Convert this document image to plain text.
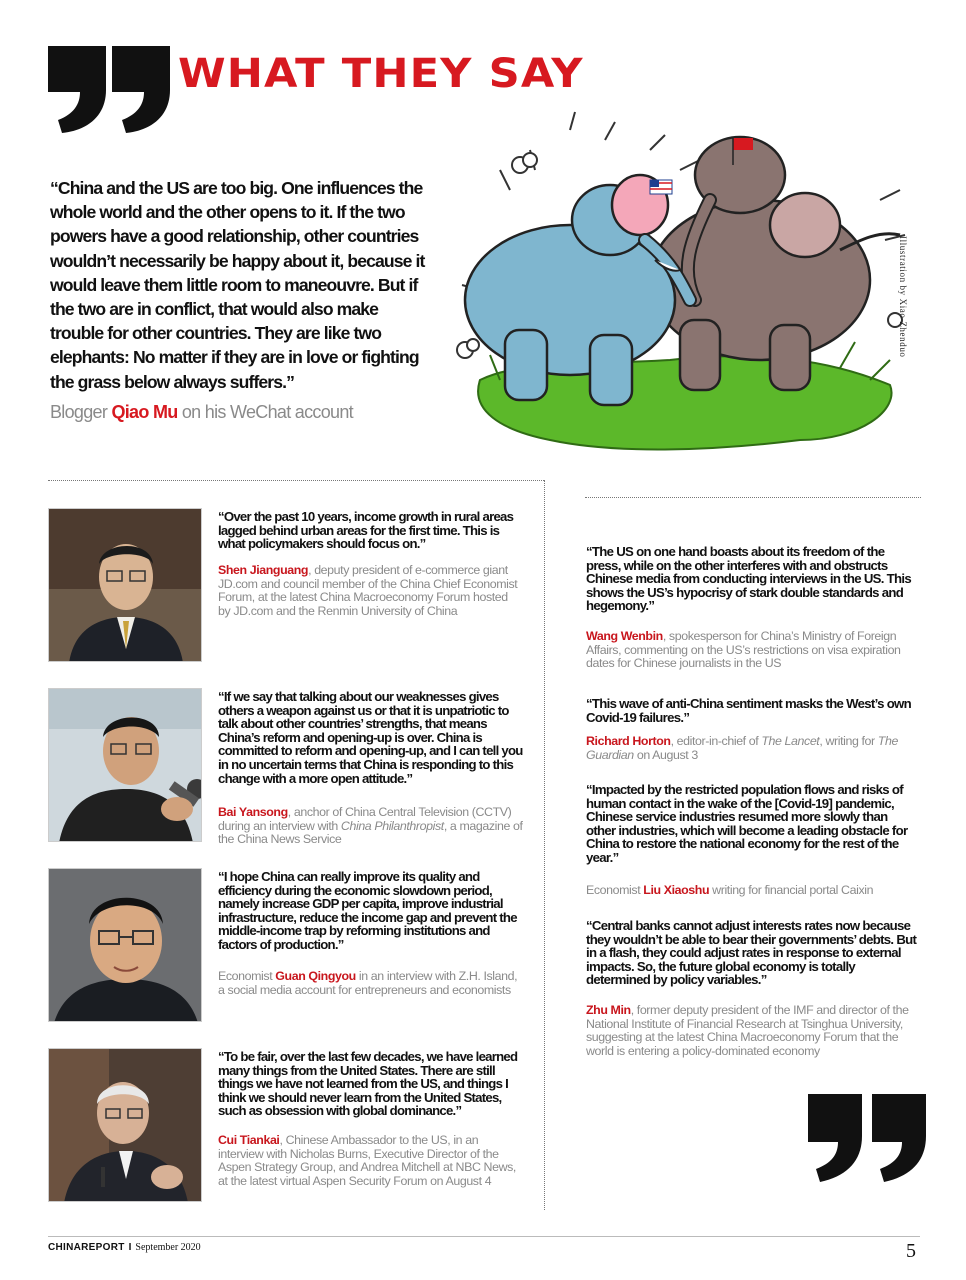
WHAT THEY SAY
“China and the US are too big. One influences the whole world and the other opens to it. If the two powers have a good relationship, other countries wouldn’t necessarily be happy about it, because it would leave them little room to maneouvre. But if the two are in conflict, that would also make trouble for other countries. They are like two elephants: No matter if they are in love or fighting the grass below always suffers.”
Blogger Qiao Mu on his WeChat account
Illustration by Xiao Zhenduo
“Over the past 10 years, income growth in rural areas lagged behind urban areas for the first time. This is what policymakers should focus on.”
Shen Jianguang, deputy president of e-commerce giant JD.com and council member of the China Chief Economist Forum, at the latest China Macroeconomy Forum hosted by JD.com and the Renmin University of China
“If we say that talking about our weaknesses gives others a weapon against us or that it is unpatriotic to talk about other countries’ strengths, that means China’s reform and opening-up is over. China is committed to reform and opening-up, and I can tell you in no uncertain terms that China is responding to this change with a more open attitude.”
Bai Yansong, anchor of China Central Television (CCTV) during an interview with China Philanthropist, a magazine of the China News Service
“I hope China can really improve its quality and efficiency during the economic slowdown period, namely increase GDP per capita, improve industrial infrastructure, reduce the income gap and prevent the middle-income trap by reforming institutions and factors of production.”
Economist Guan Qingyou in an interview with Z.H. Island, a social media account for entrepreneurs and economists
“To be fair, over the last few decades, we have learned many things from the United States. There are still things we have not learned from the US, and things I think we should never learn from the United States, such as obsession with global dominance.”
Cui Tiankai, Chinese Ambassador to the US, in an interview with Nicholas Burns, Executive Director of the Aspen Strategy Group, and Andrea Mitchell at NBC News, at the latest virtual Aspen Security Forum on August 4
“The US on one hand boasts about its freedom of the press, while on the other interferes with and obstructs Chinese media from conducting interviews in the US. This shows the US’s hypocrisy of stark double standards and hegemony.”
Wang Wenbin, spokesperson for China’s Ministry of Foreign Affairs, commenting on the US’s restrictions on visa expiration dates for Chinese journalists in the US
“This wave of anti-China sentiment masks the West’s own Covid-19 failures.”
Richard Horton, editor-in-chief of The Lancet, writing for The Guardian on August 3
“Impacted by the restricted population flows and risks of human contact in the wake of the [Covid-19] pandemic, Chinese service industries resumed more slowly than other industries, which will become a leading obstacle for China to restore the national economy for the rest of the year.”
Economist Liu Xiaoshu writing for financial portal Caixin
“Central banks cannot adjust interests rates now because they wouldn’t be able to bear their governments’ debts. But in a flash, they could adjust rates in response to external impacts. So, the future global economy is totally determined by policy variables.”
Zhu Min, former deputy president of the IMF and director of the National Institute of Financial Research at Tsinghua University, suggesting at the latest China Macroeconomy Forum that the world is entering a policy-dominated economy
CHINAREPORT I September 2020	5
